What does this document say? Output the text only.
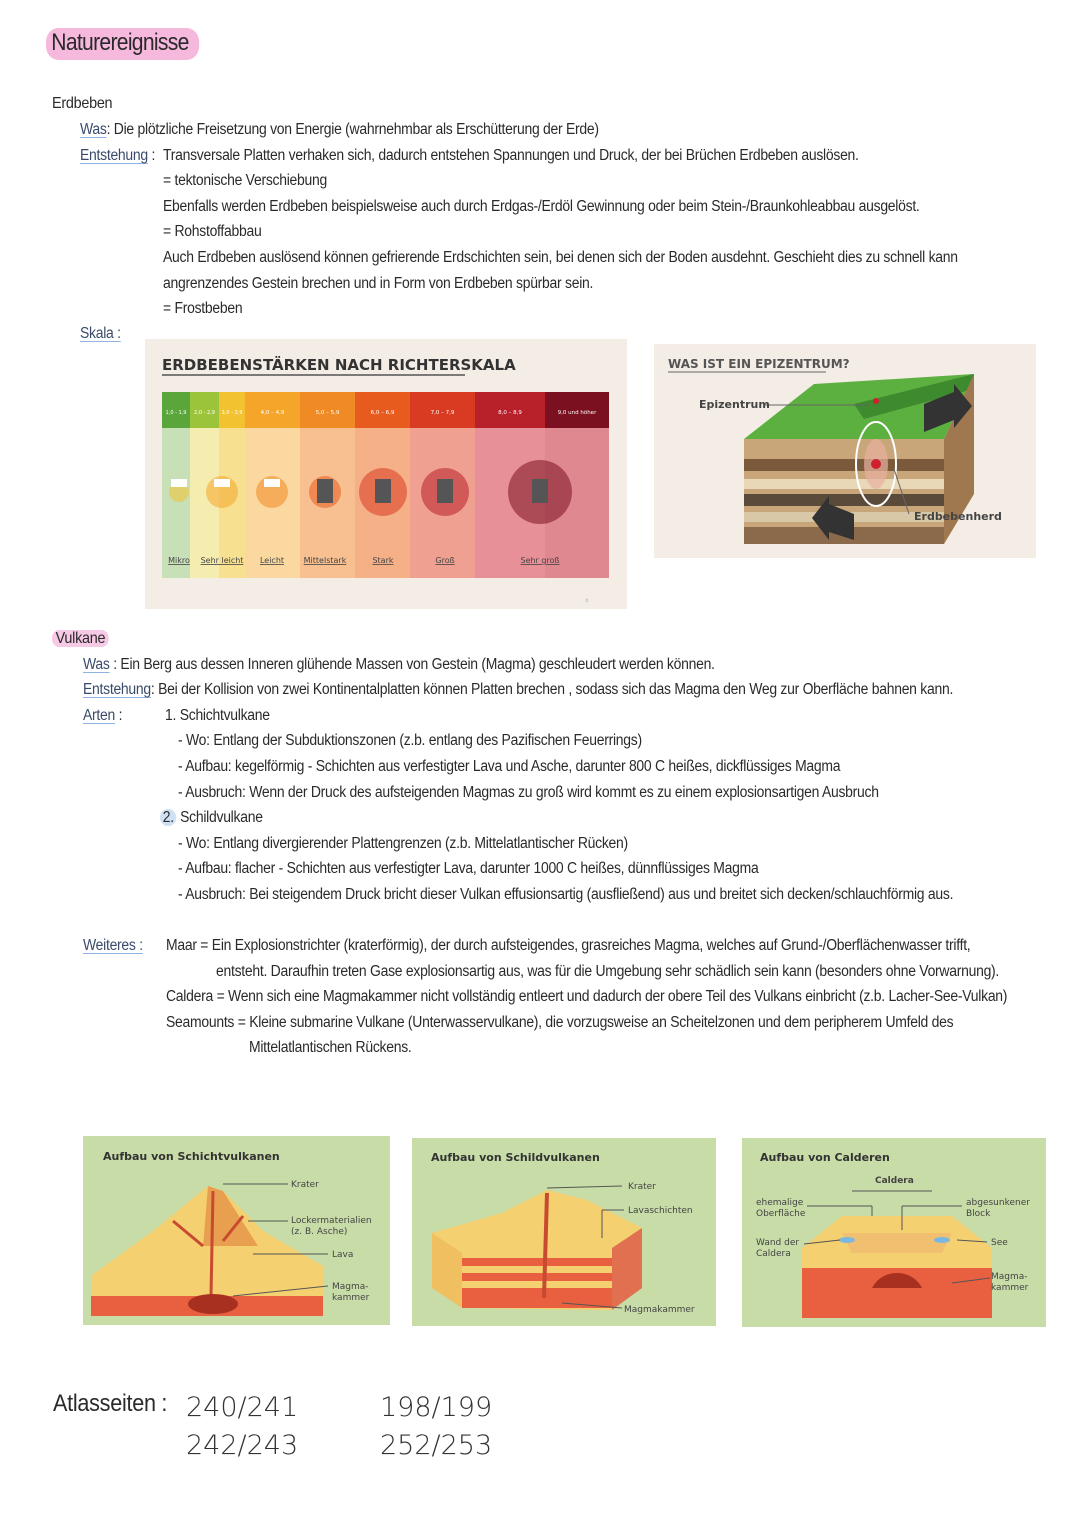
Naturereignisse
Erdbeben
Was: Die plötzliche Freisetzung von Energie (wahrnehmbar als Erschütterung der Erde)
Entstehung : Transversale Platten verhaken sich, dadurch entstehen Spannungen und Druck, der bei Brüchen Erdbeben auslösen.
= tektonische Verschiebung
Ebenfalls werden Erdbeben beispielsweise auch durch Erdgas-/Erdöl Gewinnung oder beim Stein-/Braunkohleabbau ausgelöst.
= Rohstoffabbau
Auch Erdbeben auslösend können gefrierende Erdschichten sein, bei denen sich der Boden ausdehnt. Geschieht dies zu schnell kann
angrenzendes Gestein brechen und in Form von Erdbeben spürbar sein.
= Frostbeben
Skala :
ERDBEBENSTÄRKEN NACH RICHTERSKALA
1,0 - 1,9 2,0 - 2,9 3,0 - 3,9	4,0 – 4,9	5,0 – 5,9	6,0 – 6,9	7,0 – 7,9	8,0 – 8,9	9,0 und höher
Mikro Sehr leicht Leicht Mittelstark	Stark	Groß	Sehr groß
©
WAS IST EIN EPIZENTRUM?
Epizentrum
Erdbebenherd
Vulkane
Was : Ein Berg aus dessen Inneren glühende Massen von Gestein (Magma) geschleudert werden können.
Entstehung: Bei der Kollision von zwei Kontinentalplatten können Platten brechen , sodass sich das Magma den Weg zur Oberfläche bahnen kann.
Arten :	1. Schichtvulkane
- Wo: Entlang der Subduktionszonen (z.b. entlang des Pazifischen Feuerrings)
- Aufbau: kegelförmig - Schichten aus verfestigter Lava und Asche, darunter 800 C heißes, dickflüssiges Magma
- Ausbruch: Wenn der Druck des aufsteigenden Magmas zu groß wird kommt es zu einem explosionsartigen Ausbruch
2. Schildvulkane
- Wo: Entlang divergierender Plattengrenzen (z.b. Mittelatlantischer Rücken)
- Aufbau: flacher - Schichten aus verfestigter Lava, darunter 1000 C heißes, dünnflüssiges Magma
- Ausbruch: Bei steigendem Druck bricht dieser Vulkan effusionsartig (ausfließend) aus und breitet sich decken/schlauchförmig aus.
Weiteres : Maar = Ein Explosionstrichter (kraterförmig), der durch aufsteigendes, grasreiches Magma, welches auf Grund-/Oberflächenwasser trifft,
entsteht. Daraufhin treten Gase explosionsartig aus, was für die Umgebung sehr schädlich sein kann (besonders ohne Vorwarnung).
Caldera = Wenn sich eine Magmakammer nicht vollständig entleert und dadurch der obere Teil des Vulkans einbricht (z.b. Lacher-See-Vulkan)
Seamounts = Kleine submarine Vulkane (Unterwasservulkane), die vorzugsweise an Scheitelzonen und dem peripherem Umfeld des
Mittelatlantischen Rückens.
Aufbau von Schichtvulkanen
Krater
Lockermaterialien
(z. B. Asche)
Lava
Magma-
kammer
Aufbau von Schildvulkanen
Krater
Lavaschichten
Magmakammer
Aufbau von Calderen
Caldera
ehemalige
Oberfläche
abgesunkener
Block
Wand der
Caldera
See
Magma-
kammer
Atlasseiten : 240/241	198/199
242/243	252/253
